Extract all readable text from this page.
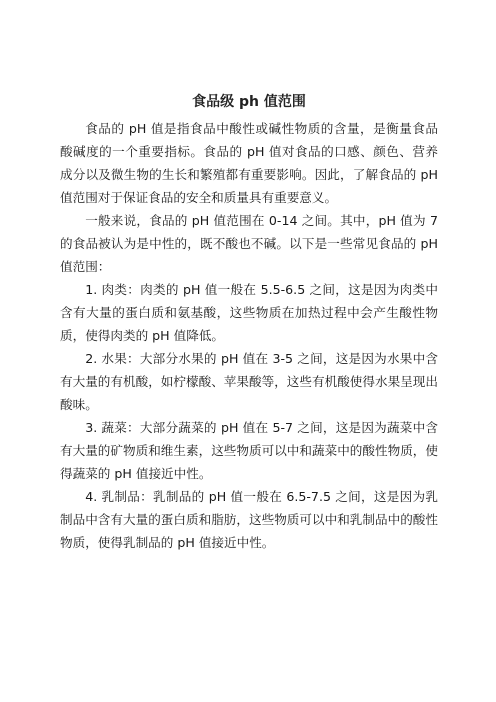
食品级 ph 值范围

食品的 pH 值是指食品中酸性或碱性物质的含量，是衡量食品酸碱度的一个重要指标。食品的 pH 值对食品的口感、颜色、营养成分以及微生物的生长和繁殖都有重要影响。因此，了解食品的 pH 值范围对于保证食品的安全和质量具有重要意义。

一般来说，食品的 pH 值范围在 0-14 之间。其中，pH 值为 7 的食品被认为是中性的，既不酸也不碱。以下是一些常见食品的 pH 值范围：

1. 肉类：肉类的 pH 值一般在 5.5-6.5 之间，这是因为肉类中含有大量的蛋白质和氨基酸，这些物质在加热过程中会产生酸性物质，使得肉类的 pH 值降低。

2. 水果：大部分水果的 pH 值在 3-5 之间，这是因为水果中含有大量的有机酸，如柠檬酸、苹果酸等，这些有机酸使得水果呈现出酸味。

3. 蔬菜：大部分蔬菜的 pH 值在 5-7 之间，这是因为蔬菜中含有大量的矿物质和维生素，这些物质可以中和蔬菜中的酸性物质，使得蔬菜的 pH 值接近中性。

4. 乳制品：乳制品的 pH 值一般在 6.5-7.5 之间，这是因为乳制品中含有大量的蛋白质和脂肪，这些物质可以中和乳制品中的酸性物质，使得乳制品的 pH 值接近中性。
